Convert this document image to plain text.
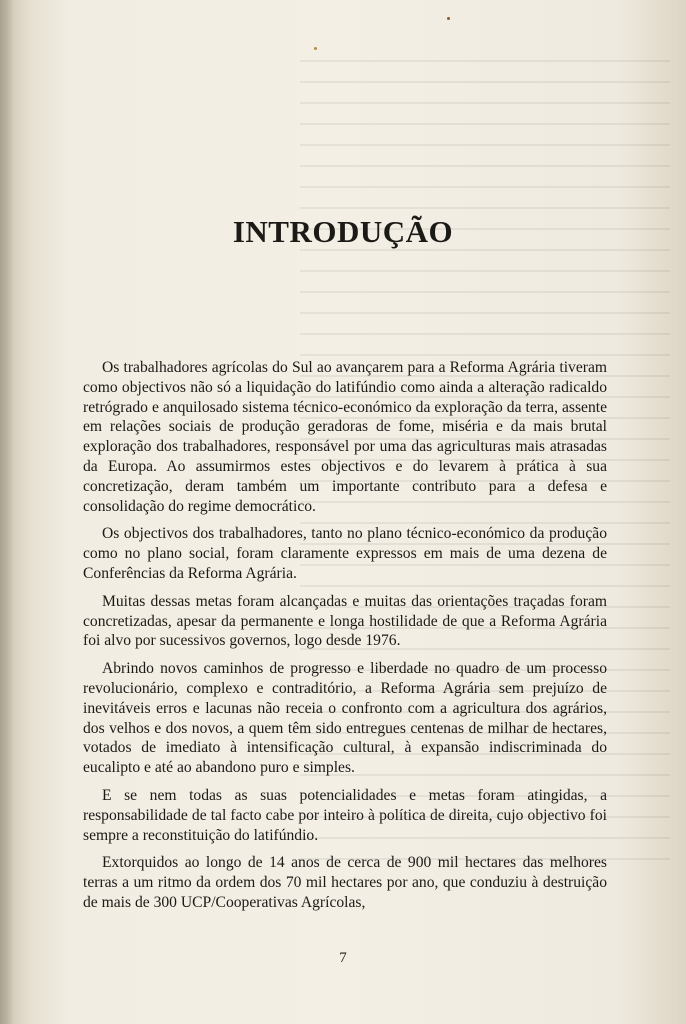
INTRODUÇÃO

Os trabalhadores agrícolas do Sul ao avançarem para a Reforma Agrária tiveram como objectivos não só a liquidação do latifúndio como ainda a alteração radicaldo retrógrado e anquilosado sistema técnico-económico da exploração da terra, assente em relações sociais de produção geradoras de fome, miséria e da mais brutal exploração dos trabalhadores, responsável por uma das agriculturas mais atrasadas da Europa. Ao assumirmos estes objectivos e do levarem à prática à sua concretização, deram também um importante contributo para a defesa e consolidação do regime democrático.

Os objectivos dos trabalhadores, tanto no plano técnico-económico da produção como no plano social, foram claramente expressos em mais de uma dezena de Conferências da Reforma Agrária.

Muitas dessas metas foram alcançadas e muitas das orientações traçadas foram concretizadas, apesar da permanente e longa hostilidade de que a Reforma Agrária foi alvo por sucessivos governos, logo desde 1976.

Abrindo novos caminhos de progresso e liberdade no quadro de um processo revolucionário, complexo e contraditório, a Reforma Agrária sem prejuízo de inevitáveis erros e lacunas não receia o confronto com a agricultura dos agrários, dos velhos e dos novos, a quem têm sido entregues centenas de milhar de hectares, votados de imediato à intensificação cultural, à expansão indiscriminada do eucalipto e até ao abandono puro e simples.

E se nem todas as suas potencialidades e metas foram atingidas, a responsabilidade de tal facto cabe por inteiro à política de direita, cujo objectivo foi sempre a reconstituição do latifúndio.

Extorquidos ao longo de 14 anos de cerca de 900 mil hectares das melhores terras a um ritmo da ordem dos 70 mil hectares por ano, que conduziu à destruição de mais de 300 UCP/Cooperativas Agrícolas,

7
